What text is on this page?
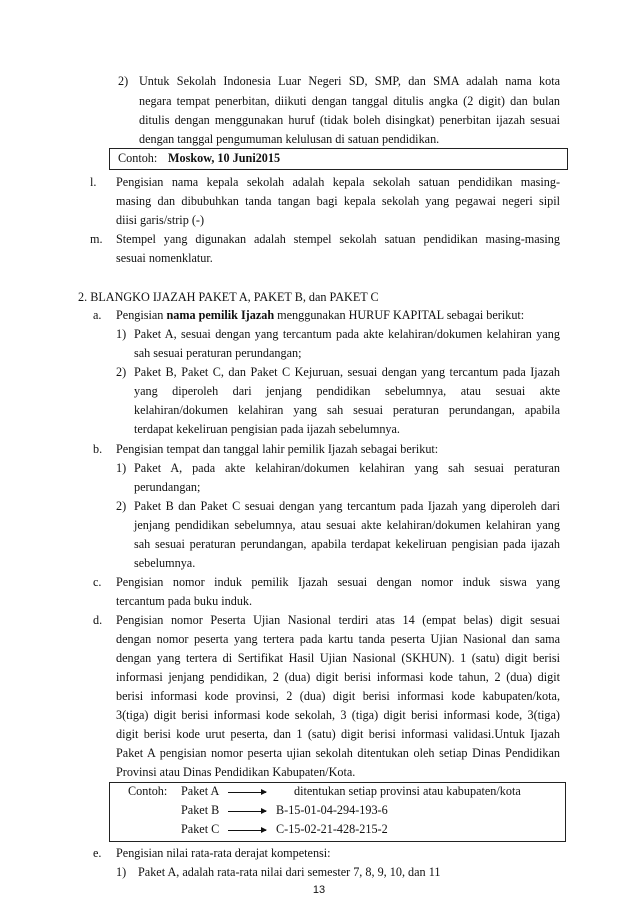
2) Untuk Sekolah Indonesia Luar Negeri SD, SMP, dan SMA adalah nama kota
negara tempat penerbitan, diikuti dengan tanggal ditulis angka (2 digit) dan bulan
ditulis dengan menggunakan huruf (tidak boleh disingkat) penerbitan ijazah sesuai
dengan tanggal pengumuman kelulusan di satuan pendidikan.
Contoh: Moskow, 10 Juni2015
l. Pengisian nama kepala sekolah adalah kepala sekolah satuan pendidikan masing-
masing dan dibubuhkan tanda tangan bagi kepala sekolah yang pegawai negeri sipil
diisi garis/strip (-)
m. Stempel yang digunakan adalah stempel sekolah satuan pendidikan masing-masing
sesuai nomenklatur.
2. BLANGKO IJAZAH PAKET A, PAKET B, dan PAKET C
a. Pengisian nama pemilik Ijazah menggunakan HURUF KAPITAL sebagai berikut:
1) Paket A, sesuai dengan yang tercantum pada akte kelahiran/dokumen kelahiran yang
sah sesuai peraturan perundangan;
2) Paket B, Paket C, dan Paket C Kejuruan, sesuai dengan yang tercantum pada Ijazah
yang diperoleh dari jenjang pendidikan sebelumnya, atau sesuai akte
kelahiran/dokumen kelahiran yang sah sesuai peraturan perundangan, apabila
terdapat kekeliruan pengisian pada ijazah sebelumnya.
b. Pengisian tempat dan tanggal lahir pemilik Ijazah sebagai berikut:
1) Paket A, pada akte kelahiran/dokumen kelahiran yang sah sesuai peraturan
perundangan;
2) Paket B dan Paket C sesuai dengan yang tercantum pada Ijazah yang diperoleh dari
jenjang pendidikan sebelumnya, atau sesuai akte kelahiran/dokumen kelahiran yang
sah sesuai peraturan perundangan, apabila terdapat kekeliruan pengisian pada ijazah
sebelumnya.
c. Pengisian nomor induk pemilik Ijazah sesuai dengan nomor induk siswa yang
tercantum pada buku induk.
d. Pengisian nomor Peserta Ujian Nasional terdiri atas 14 (empat belas) digit sesuai
dengan nomor peserta yang tertera pada kartu tanda peserta Ujian Nasional dan sama
dengan yang tertera di Sertifikat Hasil Ujian Nasional (SKHUN). 1 (satu) digit berisi
informasi jenjang pendidikan, 2 (dua) digit berisi informasi kode tahun, 2 (dua) digit
berisi informasi kode provinsi, 2 (dua) digit berisi informasi kode kabupaten/kota,
3(tiga) digit berisi informasi kode sekolah, 3 (tiga) digit berisi informasi kode, 3(tiga)
digit berisi kode urut peserta, dan 1 (satu) digit berisi informasi validasi.Untuk Ijazah
Paket A pengisian nomor peserta ujian sekolah ditentukan oleh setiap Dinas Pendidikan
Provinsi atau Dinas Pendidikan Kabupaten/Kota.
Contoh: Paket A	ditentukan setiap provinsi atau kabupaten/kota
Paket B	B-15-01-04-294-193-6
Paket C	C-15-02-21-428-215-2
e. Pengisian nilai rata-rata derajat kompetensi:
1) Paket A, adalah rata-rata nilai dari semester 7, 8, 9, 10, dan 11
13
